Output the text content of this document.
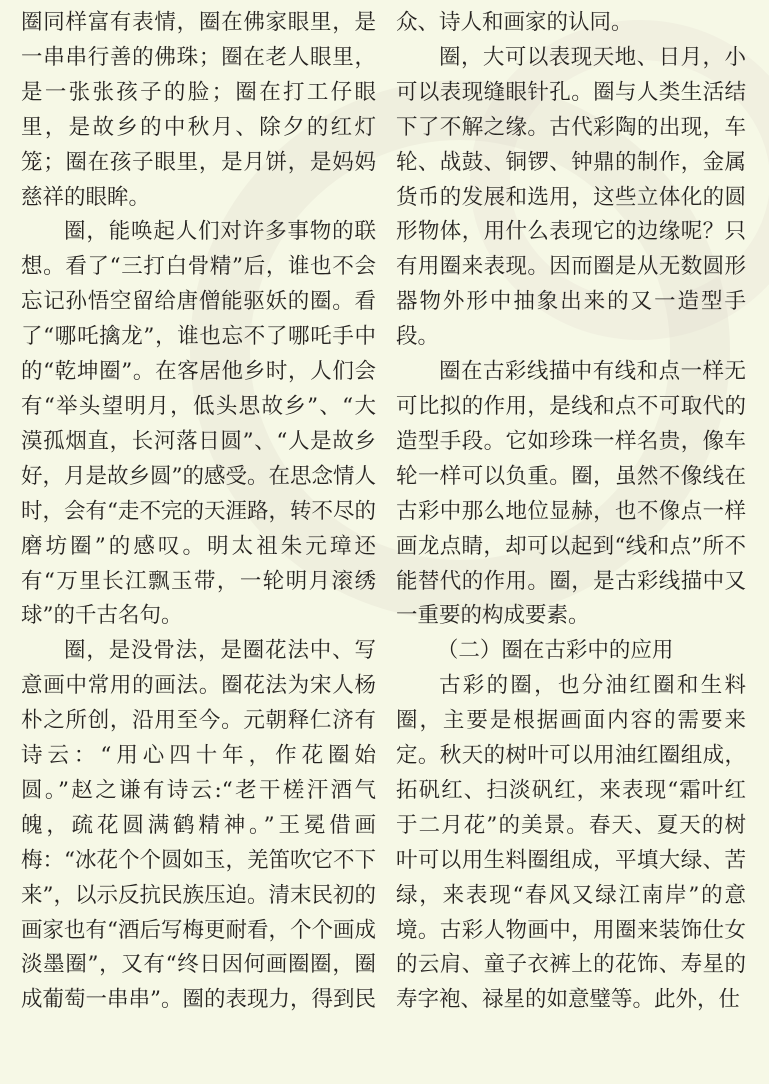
圈同样富有表情，圈在佛家眼里，是一串串行善的佛珠；圈在老人眼里，是一张张孩子的脸；圈在打工仔眼里，是故乡的中秋月、除夕的红灯笼；圈在孩子眼里，是月饼，是妈妈慈祥的眼眸。

圈，能唤起人们对许多事物的联想。看了“三打白骨精”后，谁也不会忘记孙悟空留给唐僧能驱妖的圈。看了“哪吒擒龙”，谁也忘不了哪吒手中的“乾坤圈”。在客居他乡时，人们会有“举头望明月，低头思故乡”、“大漠孤烟直，长河落日圆”、“人是故乡好，月是故乡圆”的感受。在思念情人时，会有“走不完的天涯路，转不尽的磨坊圈”的感叹。明太祖朱元璋还有“万里长江飘玉带，一轮明月滚绣球”的千古名句。

圈，是没骨法，是圈花法中、写意画中常用的画法。圈花法为宋人杨朴之所创，沿用至今。元朝释仁济有诗云：“用心四十年，作花圈始圆。”赵之谦有诗云:“老干槎汗酒气魄，疏花圆满鹤精神。”王冕借画梅：“冰花个个圆如玉，羌笛吹它不下来”，以示反抗民族压迫。清末民初的画家也有“酒后写梅更耐看，个个画成淡墨圈”，又有“终日因何画圈圈，圈成葡萄一串串”。圈的表现力，得到民

众、诗人和画家的认同。

圈，大可以表现天地、日月，小可以表现缝眼针孔。圈与人类生活结下了不解之缘。古代彩陶的出现，车轮、战鼓、铜锣、钟鼎的制作，金属货币的发展和选用，这些立体化的圆形物体，用什么表现它的边缘呢？只有用圈来表现。因而圈是从无数圆形器物外形中抽象出来的又一造型手段。

圈在古彩线描中有线和点一样无可比拟的作用，是线和点不可取代的造型手段。它如珍珠一样名贵，像车轮一样可以负重。圈，虽然不像线在古彩中那么地位显赫，也不像点一样画龙点睛，却可以起到“线和点”所不能替代的作用。圈，是古彩线描中又一重要的构成要素。

（二）圈在古彩中的应用

古彩的圈，也分油红圈和生料圈，主要是根据画面内容的需要来定。秋天的树叶可以用油红圈组成，拓矾红、扫淡矾红，来表现“霜叶红于二月花”的美景。春天、夏天的树叶可以用生料圈组成，平填大绿、苦绿，来表现“春风又绿江南岸”的意境。古彩人物画中，用圈来装饰仕女的云肩、童子衣裤上的花饰、寿星的寿字袍、禄星的如意璧等。此外，仕
